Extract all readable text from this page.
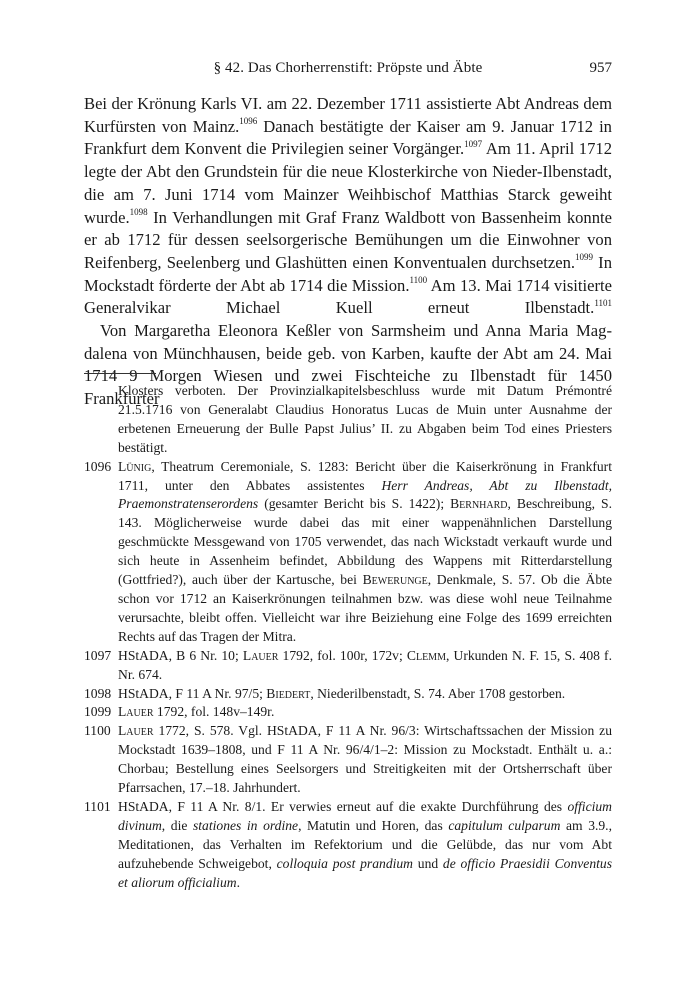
§ 42. Das Chorherrenstift: Pröpste und Äbte	957

Bei der Krönung Karls VI. am 22. Dezember 1711 assistierte Abt Andreas dem Kurfürsten von Mainz.$^{1096}$ Danach bestätigte der Kaiser am 9. Januar 1712 in Frankfurt dem Konvent die Privilegien seiner Vorgänger.$^{1097}$ Am 11. April 1712 legte der Abt den Grundstein für die neue Klosterkirche von Nieder-Ilbenstadt, die am 7. Juni 1714 vom Mainzer Weihbischof Matthias Starck geweiht wurde.$^{1098}$ In Verhandlungen mit Graf Franz Waldbott von Bassenheim konnte er ab 1712 für dessen seelsorgerische Bemühungen um die Einwohner von Reifenberg, Seelenberg und Glashütten einen Konventualen durchsetzen.$^{1099}$ In Mockstadt förderte der Abt ab 1714 die Mission.$^{1100}$ Am 13. Mai 1714 visitierte Generalvikar Michael Kuell erneut Ilbenstadt.$^{1101}$

Von Margaretha Eleonora Keßler von Sarmsheim und Anna Maria Magdalena von Münchhausen, beide geb. von Karben, kaufte der Abt am 24. Mai 1714 9 Morgen Wiesen und zwei Fischteiche zu Ilbenstadt für 1450 Frankfurter

Klosters verboten. Der Provinzialkapitelsbeschluss wurde mit Datum Prémontré 21.5.1716 von Generalabt Claudius Honoratus Lucas de Muin unter Ausnahme der erbetenen Erneuerung der Bulle Papst Julius’ II. zu Abgaben beim Tod eines Priesters bestätigt.

1096 Lünig, Theatrum Ceremoniale, S. 1283: Bericht über die Kaiserkrönung in Frankfurt 1711, unter den Abbates assistentes Herr Andreas, Abt zu Ilbenstadt, Praemonstratenserordens (gesamter Bericht bis S. 1422); Bernhard, Beschreibung, S. 143. Möglicherweise wurde dabei das mit einer wappenähnlichen Darstellung geschmückte Messgewand von 1705 verwendet, das nach Wickstadt verkauft wurde und sich heute in Assenheim befindet, Abbildung des Wappens mit Ritterdarstellung (Gottfried?), auch über der Kartusche, bei Bewerunge, Denkmale, S. 57. Ob die Äbte schon vor 1712 an Kaiserkrönungen teilnahmen bzw. was diese wohl neue Teilnahme verursachte, bleibt offen. Vielleicht war ihre Beiziehung eine Folge des 1699 erreichten Rechts auf das Tragen der Mitra.

1097 HStADA, B 6 Nr. 10; Lauer 1792, fol. 100r, 172v; Clemm, Urkunden N. F. 15, S. 408 f. Nr. 674.

1098 HStADA, F 11 A Nr. 97/5; Biedert, Niederilbenstadt, S. 74. Aber 1708 gestorben.

1099 Lauer 1792, fol. 148v–149r.

1100 Lauer 1772, S. 578. Vgl. HStADA, F 11 A Nr. 96/3: Wirtschaftssachen der Mission zu Mockstadt 1639–1808, und F 11 A Nr. 96/4/1–2: Mission zu Mockstadt. Enthält u. a.: Chorbau; Bestellung eines Seelsorgers und Streitigkeiten mit der Ortsherrschaft über Pfarrsachen, 17.–18. Jahrhundert.

1101 HStADA, F 11 A Nr. 8/1. Er verwies erneut auf die exakte Durchführung des officium divinum, die stationes in ordine, Matutin und Horen, das capitulum culparum am 3.9., Meditationen, das Verhalten im Refektorium und die Gelübde, das nur vom Abt aufzuhebende Schweigebot, colloquia post prandium und de officio Praesidii Conventus et aliorum officialium.
